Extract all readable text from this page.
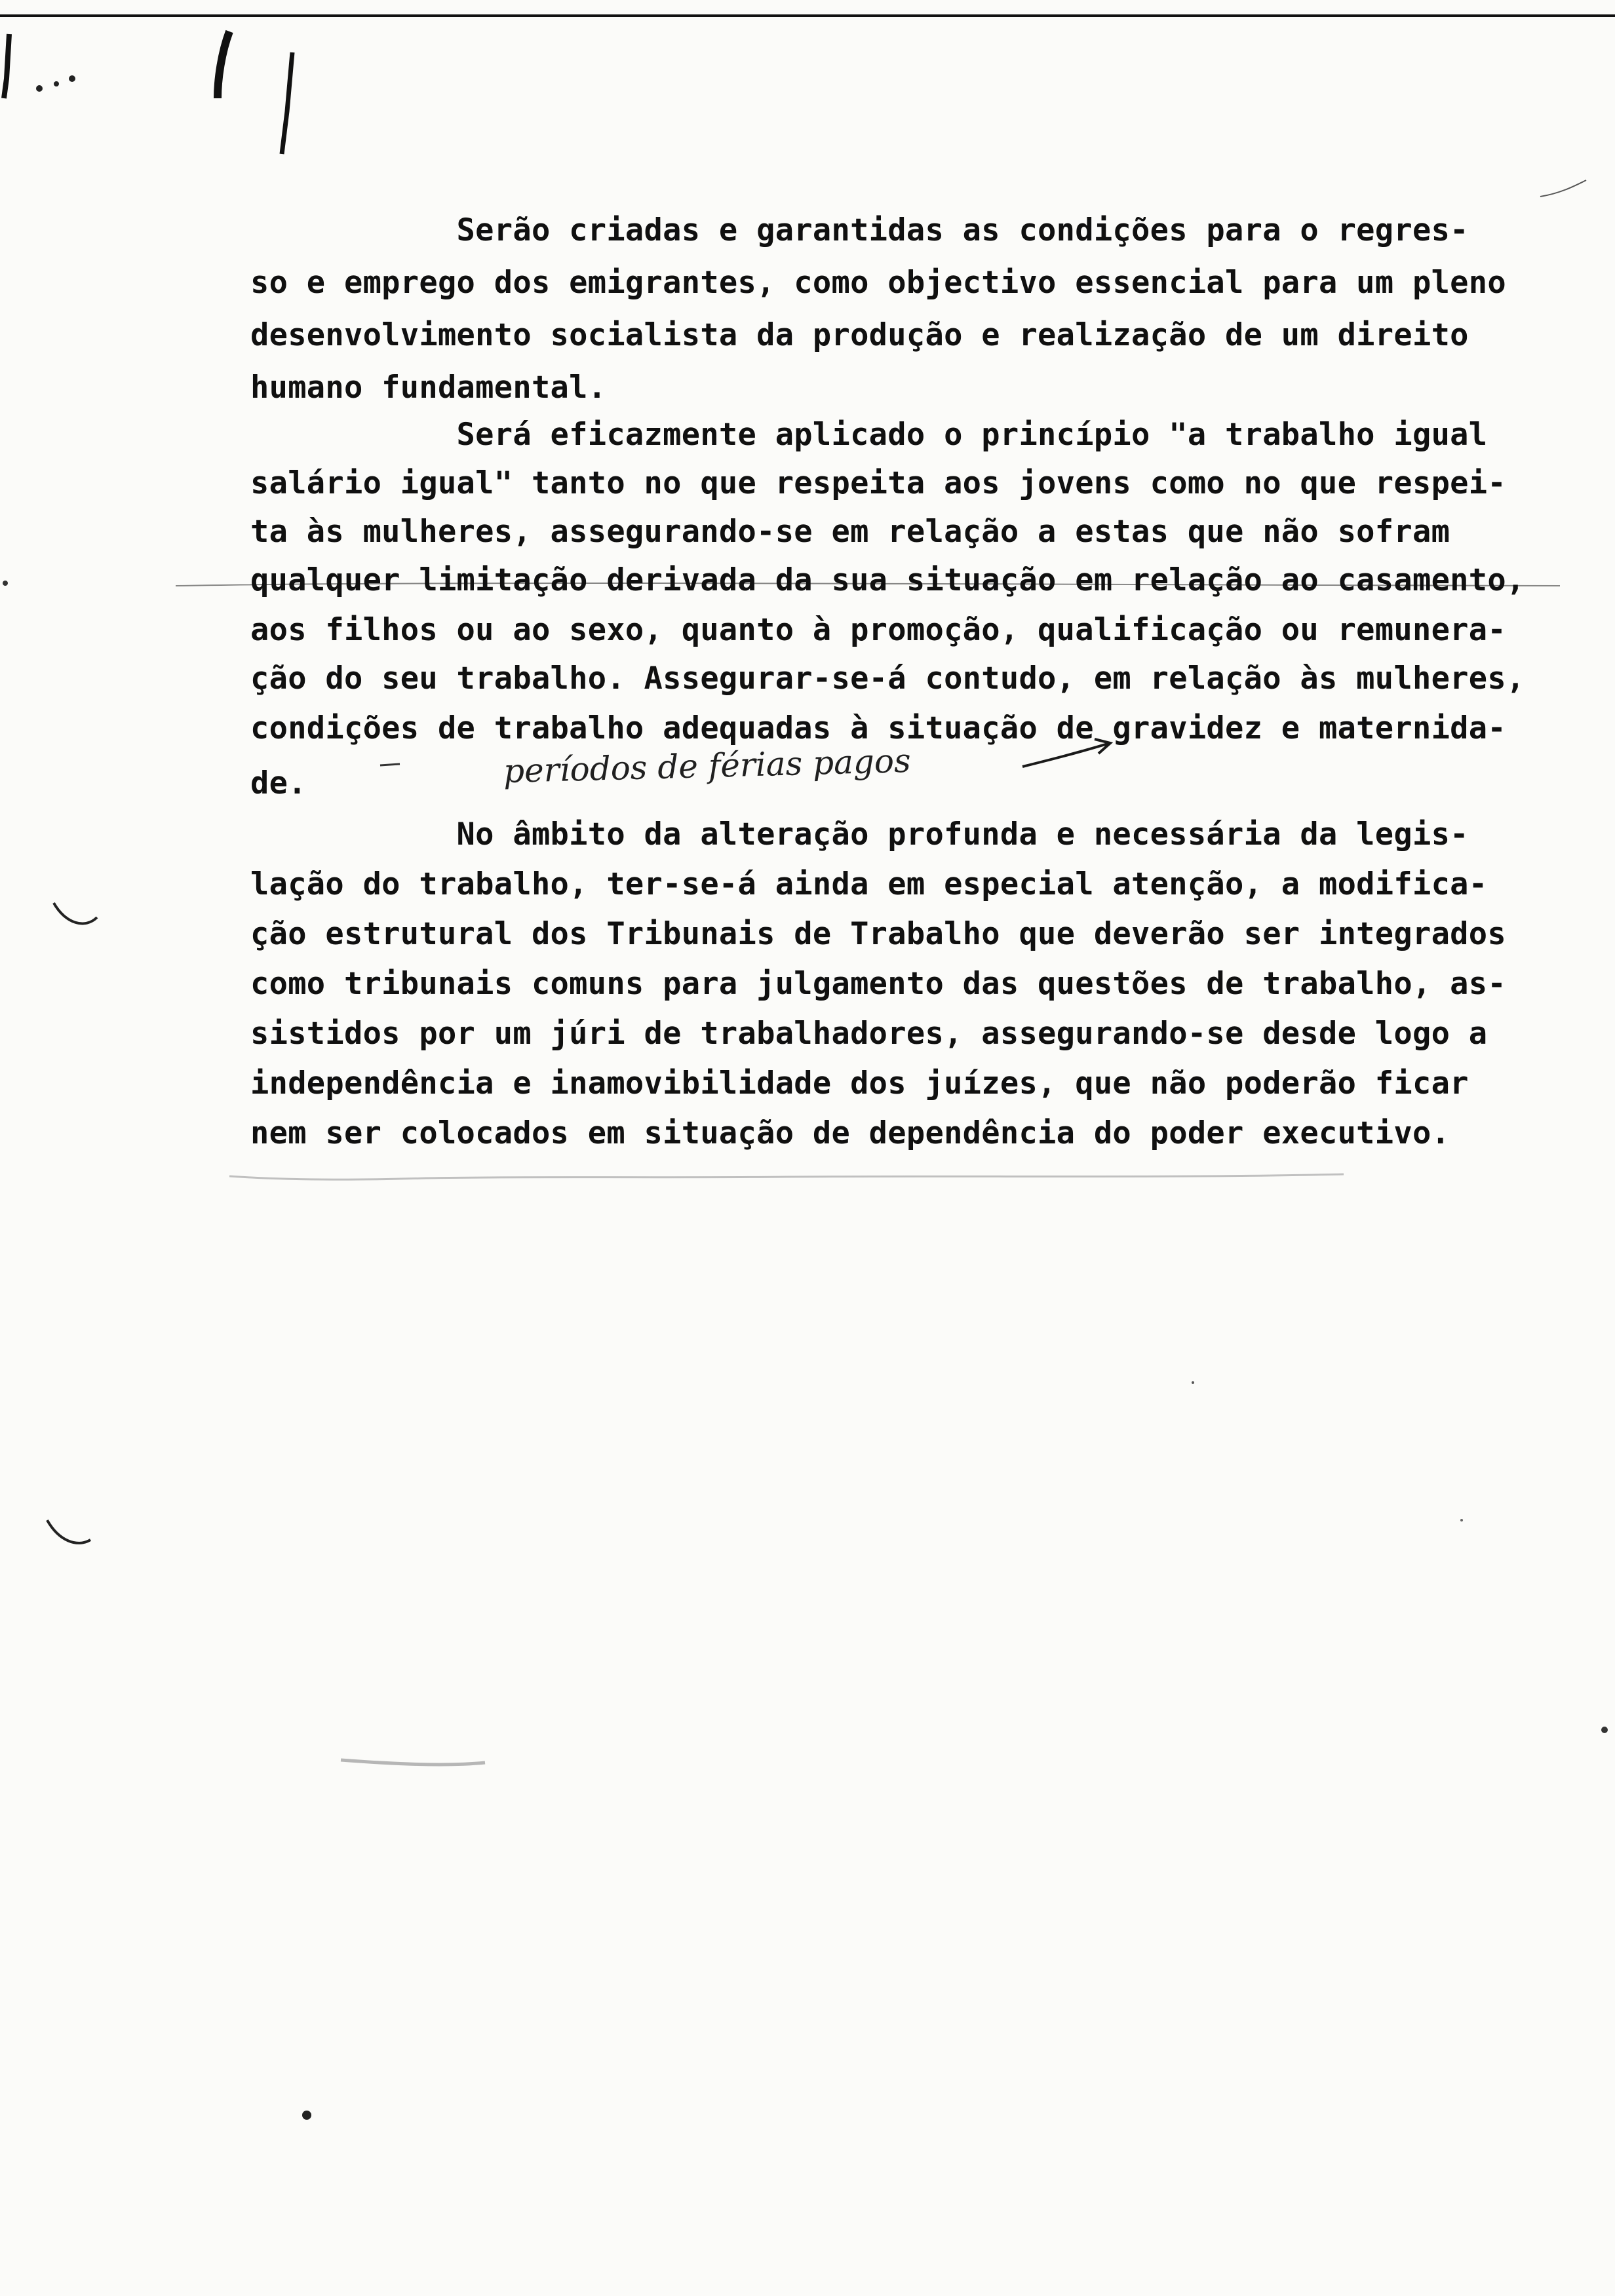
Serão criadas e garantidas as condições para o regres-

so e emprego dos emigrantes, como objectivo essencial para um pleno

desenvolvimento socialista da produção e realização de um direito

humano fundamental.

Será eficazmente aplicado o princípio "a trabalho igual

salário igual" tanto no que respeita aos jovens como no que respei-

ta às mulheres, assegurando-se em relação a estas que não sofram

qualquer limitação derivada da sua situação em relação ao casamento,

aos filhos ou ao sexo, quanto à promoção, qualificação ou remunera-

ção do seu trabalho. Assegurar-se-á contudo, em relação às mulheres,

condições de trabalho adequadas à situação de gravidez e maternida-

de.	períodos de férias pagos

No âmbito da alteração profunda e necessária da legis-

lação do trabalho, ter-se-á ainda em especial atenção, a modifica-

ção estrutural dos Tribunais de Trabalho que deverão ser integrados

como tribunais comuns para julgamento das questões de trabalho, as-

sistidos por um júri de trabalhadores, assegurando-se desde logo a

independência e inamovibilidade dos juízes, que não poderão ficar

nem ser colocados em situação de dependência do poder executivo.
